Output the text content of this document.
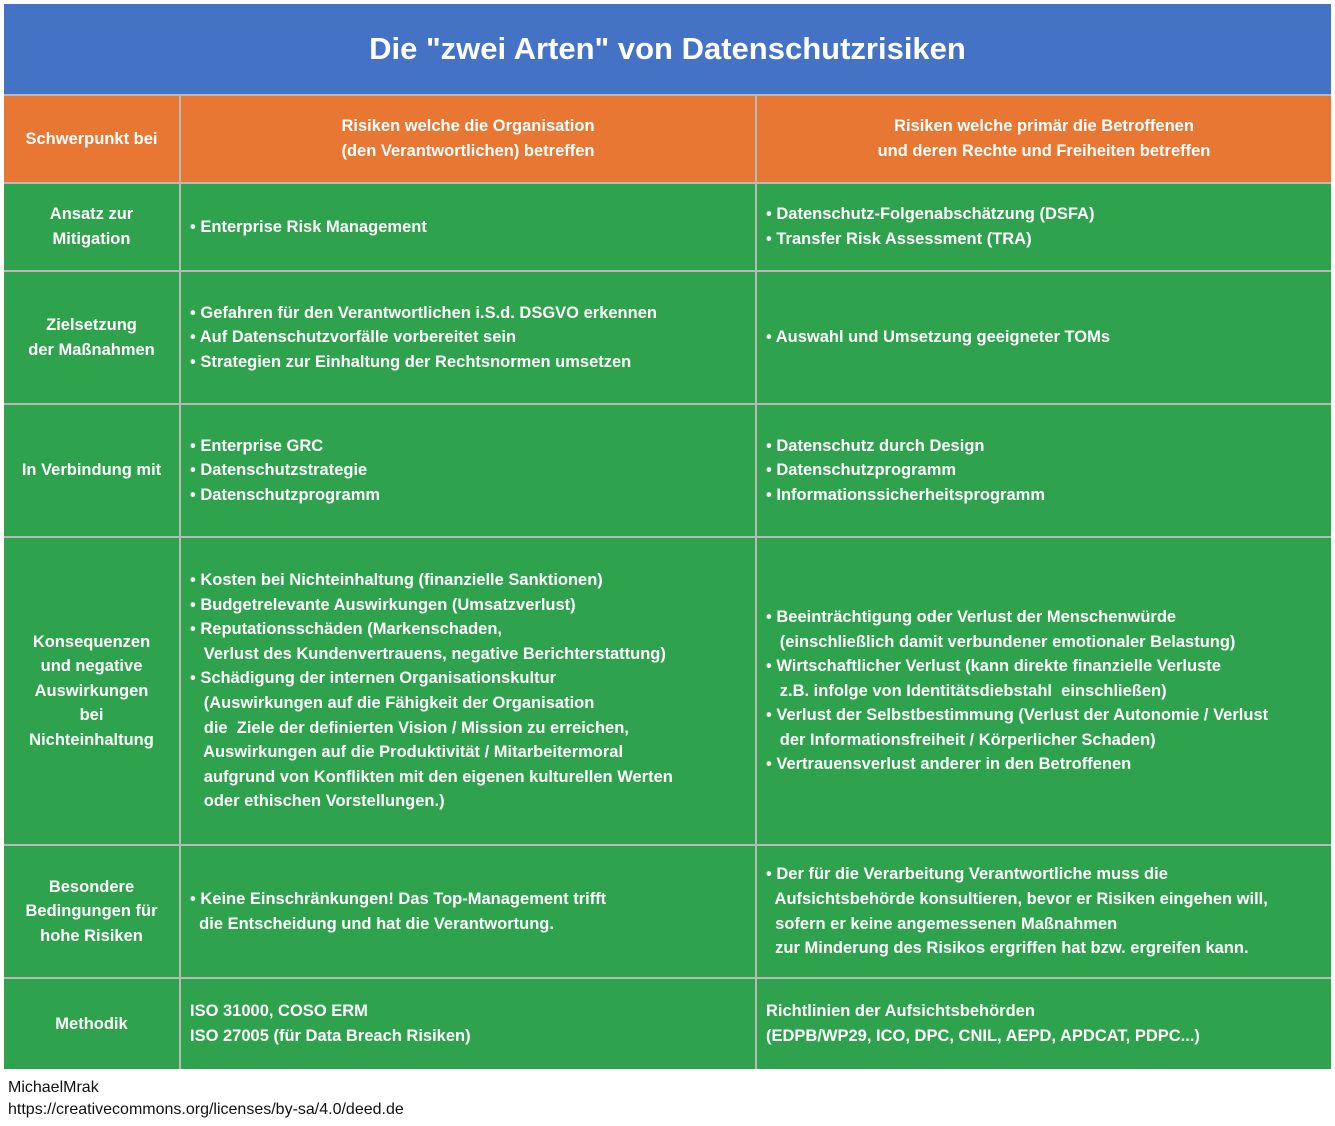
Die "zwei Arten" von Datenschutzrisiken
Schwerpunkt bei
Risiken welche die Organisation
(den Verantwortlichen) betreffen
Risiken welche primär die Betroffenen
und deren Rechte und Freiheiten betreffen
Ansatz zur
Mitigation
• Enterprise Risk Management
• Datenschutz-Folgenabschätzung (DSFA)
• Transfer Risk Assessment (TRA)
Zielsetzung
der Maßnahmen
• Gefahren für den Verantwortlichen i.S.d. DSGVO erkennen
• Auf Datenschutzvorfälle vorbereitet sein
• Strategien zur Einhaltung der Rechtsnormen umsetzen
• Auswahl und Umsetzung geeigneter TOMs
In Verbindung mit
• Enterprise GRC
• Datenschutzstrategie
• Datenschutzprogramm
• Datenschutz durch Design
• Datenschutzprogramm
• Informationssicherheitsprogramm
Konsequenzen
und negative
Auswirkungen
bei
Nichteinhaltung
• Kosten bei Nichteinhaltung (finanzielle Sanktionen)
• Budgetrelevante Auswirkungen (Umsatzverlust)
• Reputationsschäden (Markenschaden,
Verlust des Kundenvertrauens, negative Berichterstattung)
• Schädigung der internen Organisationskultur
(Auswirkungen auf die Fähigkeit der Organisation
die  Ziele der definierten Vision / Mission zu erreichen,
Auswirkungen auf die Produktivität / Mitarbeitermoral
aufgrund von Konflikten mit den eigenen kulturellen Werten
oder ethischen Vorstellungen.)
• Beeinträchtigung oder Verlust der Menschenwürde
(einschließlich damit verbundener emotionaler Belastung)
• Wirtschaftlicher Verlust (kann direkte finanzielle Verluste
z.B. infolge von Identitätsdiebstahl  einschließen)
• Verlust der Selbstbestimmung (Verlust der Autonomie / Verlust
der Informationsfreiheit / Körperlicher Schaden)
• Vertrauensverlust anderer in den Betroffenen
Besondere
Bedingungen für
hohe Risiken
• Keine Einschränkungen! Das Top-Management trifft
die Entscheidung und hat die Verantwortung.
• Der für die Verarbeitung Verantwortliche muss die
Aufsichtsbehörde konsultieren, bevor er Risiken eingehen will,
sofern er keine angemessenen Maßnahmen
zur Minderung des Risikos ergriffen hat bzw. ergreifen kann.
Methodik
ISO 31000, COSO ERM
ISO 27005 (für Data Breach Risiken)
Richtlinien der Aufsichtsbehörden
(EDPB/WP29, ICO, DPC, CNIL, AEPD, APDCAT, PDPC...)
MichaelMrak
https://creativecommons.org/licenses/by-sa/4.0/deed.de
